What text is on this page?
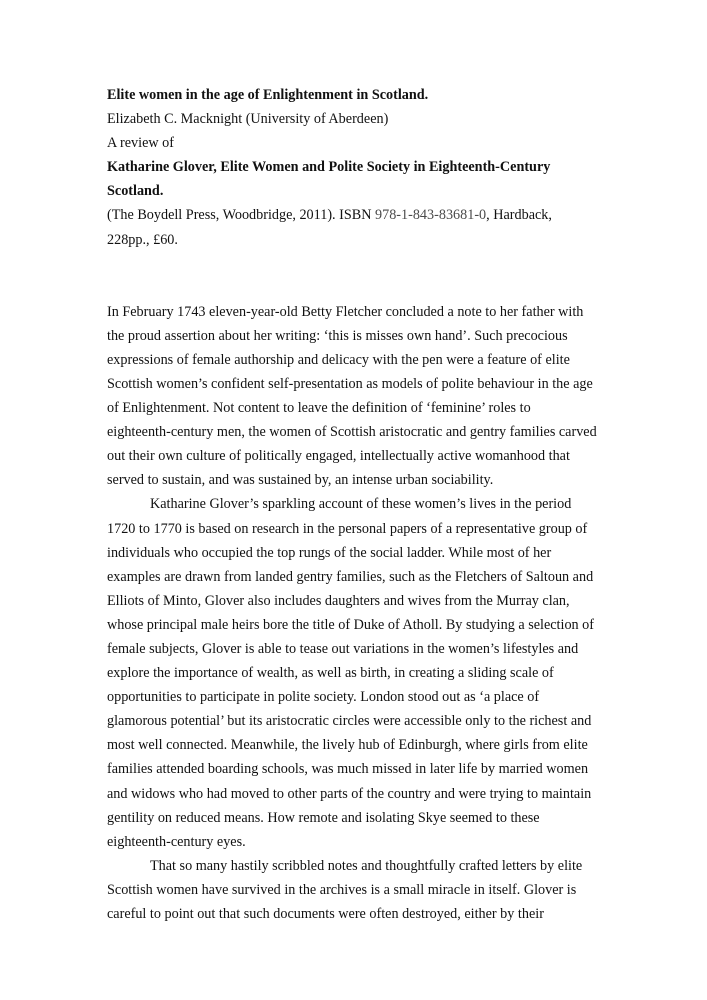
Elite women in the age of Enlightenment in Scotland.
Elizabeth C. Macknight (University of Aberdeen)
A review of
Katharine Glover, Elite Women and Polite Society in Eighteenth-Century
Scotland.
(The Boydell Press, Woodbridge, 2011). ISBN 978-1-843-83681-0, Hardback,
228pp., £60.
In February 1743 eleven-year-old Betty Fletcher concluded a note to her father with
the proud assertion about her writing: ‘this is misses own hand’. Such precocious
expressions of female authorship and delicacy with the pen were a feature of elite
Scottish women’s confident self-presentation as models of polite behaviour in the age
of Enlightenment. Not content to leave the definition of ‘feminine’ roles to
eighteenth-century men, the women of Scottish aristocratic and gentry families carved
out their own culture of politically engaged, intellectually active womanhood that
served to sustain, and was sustained by, an intense urban sociability.
Katharine Glover’s sparkling account of these women’s lives in the period
1720 to 1770 is based on research in the personal papers of a representative group of
individuals who occupied the top rungs of the social ladder. While most of her
examples are drawn from landed gentry families, such as the Fletchers of Saltoun and
Elliots of Minto, Glover also includes daughters and wives from the Murray clan,
whose principal male heirs bore the title of Duke of Atholl. By studying a selection of
female subjects, Glover is able to tease out variations in the women’s lifestyles and
explore the importance of wealth, as well as birth, in creating a sliding scale of
opportunities to participate in polite society. London stood out as ‘a place of
glamorous potential’ but its aristocratic circles were accessible only to the richest and
most well connected. Meanwhile, the lively hub of Edinburgh, where girls from elite
families attended boarding schools, was much missed in later life by married women
and widows who had moved to other parts of the country and were trying to maintain
gentility on reduced means. How remote and isolating Skye seemed to these
eighteenth-century eyes.
That so many hastily scribbled notes and thoughtfully crafted letters by elite
Scottish women have survived in the archives is a small miracle in itself. Glover is
careful to point out that such documents were often destroyed, either by their
